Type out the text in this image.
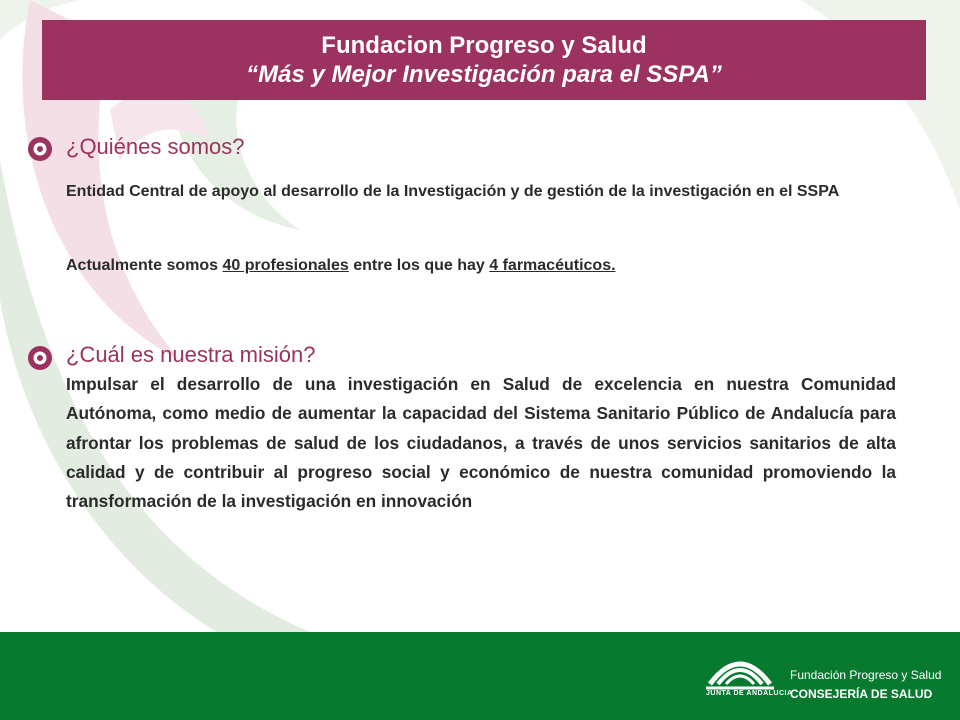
Fundacion Progreso y Salud
“Más y Mejor Investigación para el SSPA”
¿Quiénes somos?
Entidad Central de apoyo al desarrollo de la Investigación y de gestión de la investigación en el SSPA
Actualmente somos 40 profesionales entre los que hay 4 farmacéuticos.
¿Cuál es nuestra misión?
Impulsar el desarrollo de una investigación en Salud de excelencia en nuestra Comunidad Autónoma, como medio de aumentar la capacidad del Sistema Sanitario Público de Andalucía para afrontar los problemas de salud de los ciudadanos, a través de unos servicios sanitarios de alta calidad y de contribuir al progreso social y económico de nuestra comunidad promoviendo la transformación de la investigación en innovación
JUNTA DE ANDALUCIA
Fundación Progreso y Salud
CONSEJERÍA DE SALUD
